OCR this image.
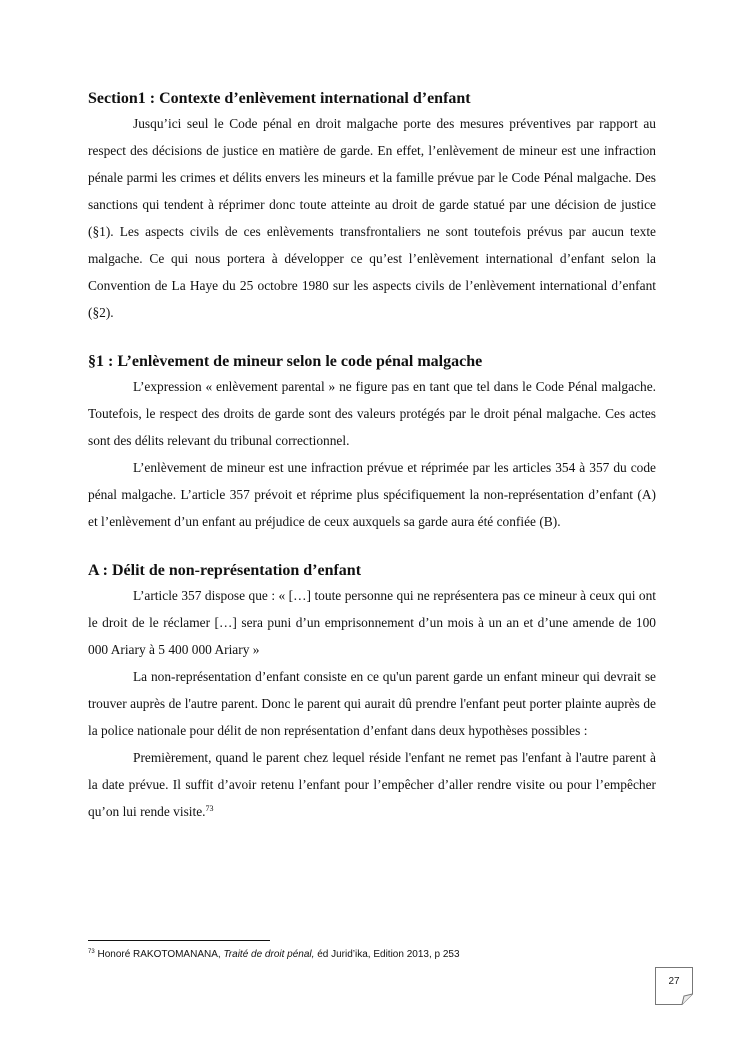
Section1 : Contexte d’enlèvement international d’enfant

Jusqu’ici seul le Code pénal en droit malgache porte des mesures préventives par rapport au respect des décisions de justice en matière de garde. En effet, l’enlèvement de mineur est une infraction pénale parmi les crimes et délits envers les mineurs et la famille prévue par le Code Pénal malgache. Des sanctions qui tendent à réprimer donc toute atteinte au droit de garde statué par une décision de justice (§1). Les aspects civils de ces enlèvements transfrontaliers ne sont toutefois prévus par aucun texte malgache. Ce qui nous portera à développer ce qu’est l’enlèvement international d’enfant selon la Convention de La Haye du 25 octobre 1980 sur les aspects civils de l’enlèvement international d’enfant (§2).

§1 : L’enlèvement de mineur selon le code pénal malgache

L’expression « enlèvement parental » ne figure pas en tant que tel dans le Code Pénal malgache. Toutefois, le respect des droits de garde sont des valeurs protégés par le droit pénal malgache. Ces actes sont des délits relevant du tribunal correctionnel.

L’enlèvement de mineur est une infraction prévue et réprimée par les articles 354 à 357 du code pénal malgache. L’article 357 prévoit et réprime plus spécifiquement la non-représentation d’enfant (A) et l’enlèvement d’un enfant au préjudice de ceux auxquels sa garde aura été confiée (B).

A : Délit de non-représentation d’enfant

L’article 357 dispose que : « […] toute personne qui ne représentera pas ce mineur à ceux qui ont le droit de le réclamer […] sera puni d’un emprisonnement d’un mois à un an et d’une amende de 100 000 Ariary à 5 400 000 Ariary »

La non-représentation d’enfant consiste en ce qu'un parent garde un enfant mineur qui devrait se trouver auprès de l'autre parent. Donc le parent qui aurait dû prendre l'enfant peut porter plainte auprès de la police nationale pour délit de non représentation d’enfant dans deux hypothèses possibles :

Premièrement, quand le parent chez lequel réside l'enfant ne remet pas l'enfant à l'autre parent à la date prévue. Il suffit d’avoir retenu l’enfant pour l’empêcher d’aller rendre visite ou pour l’empêcher qu’on lui rende visite.$^{73}$

$^{73}$ Honoré RAKOTOMANANA, Traité de droit pénal, éd Jurid’ika, Edition 2013, p 253
27
